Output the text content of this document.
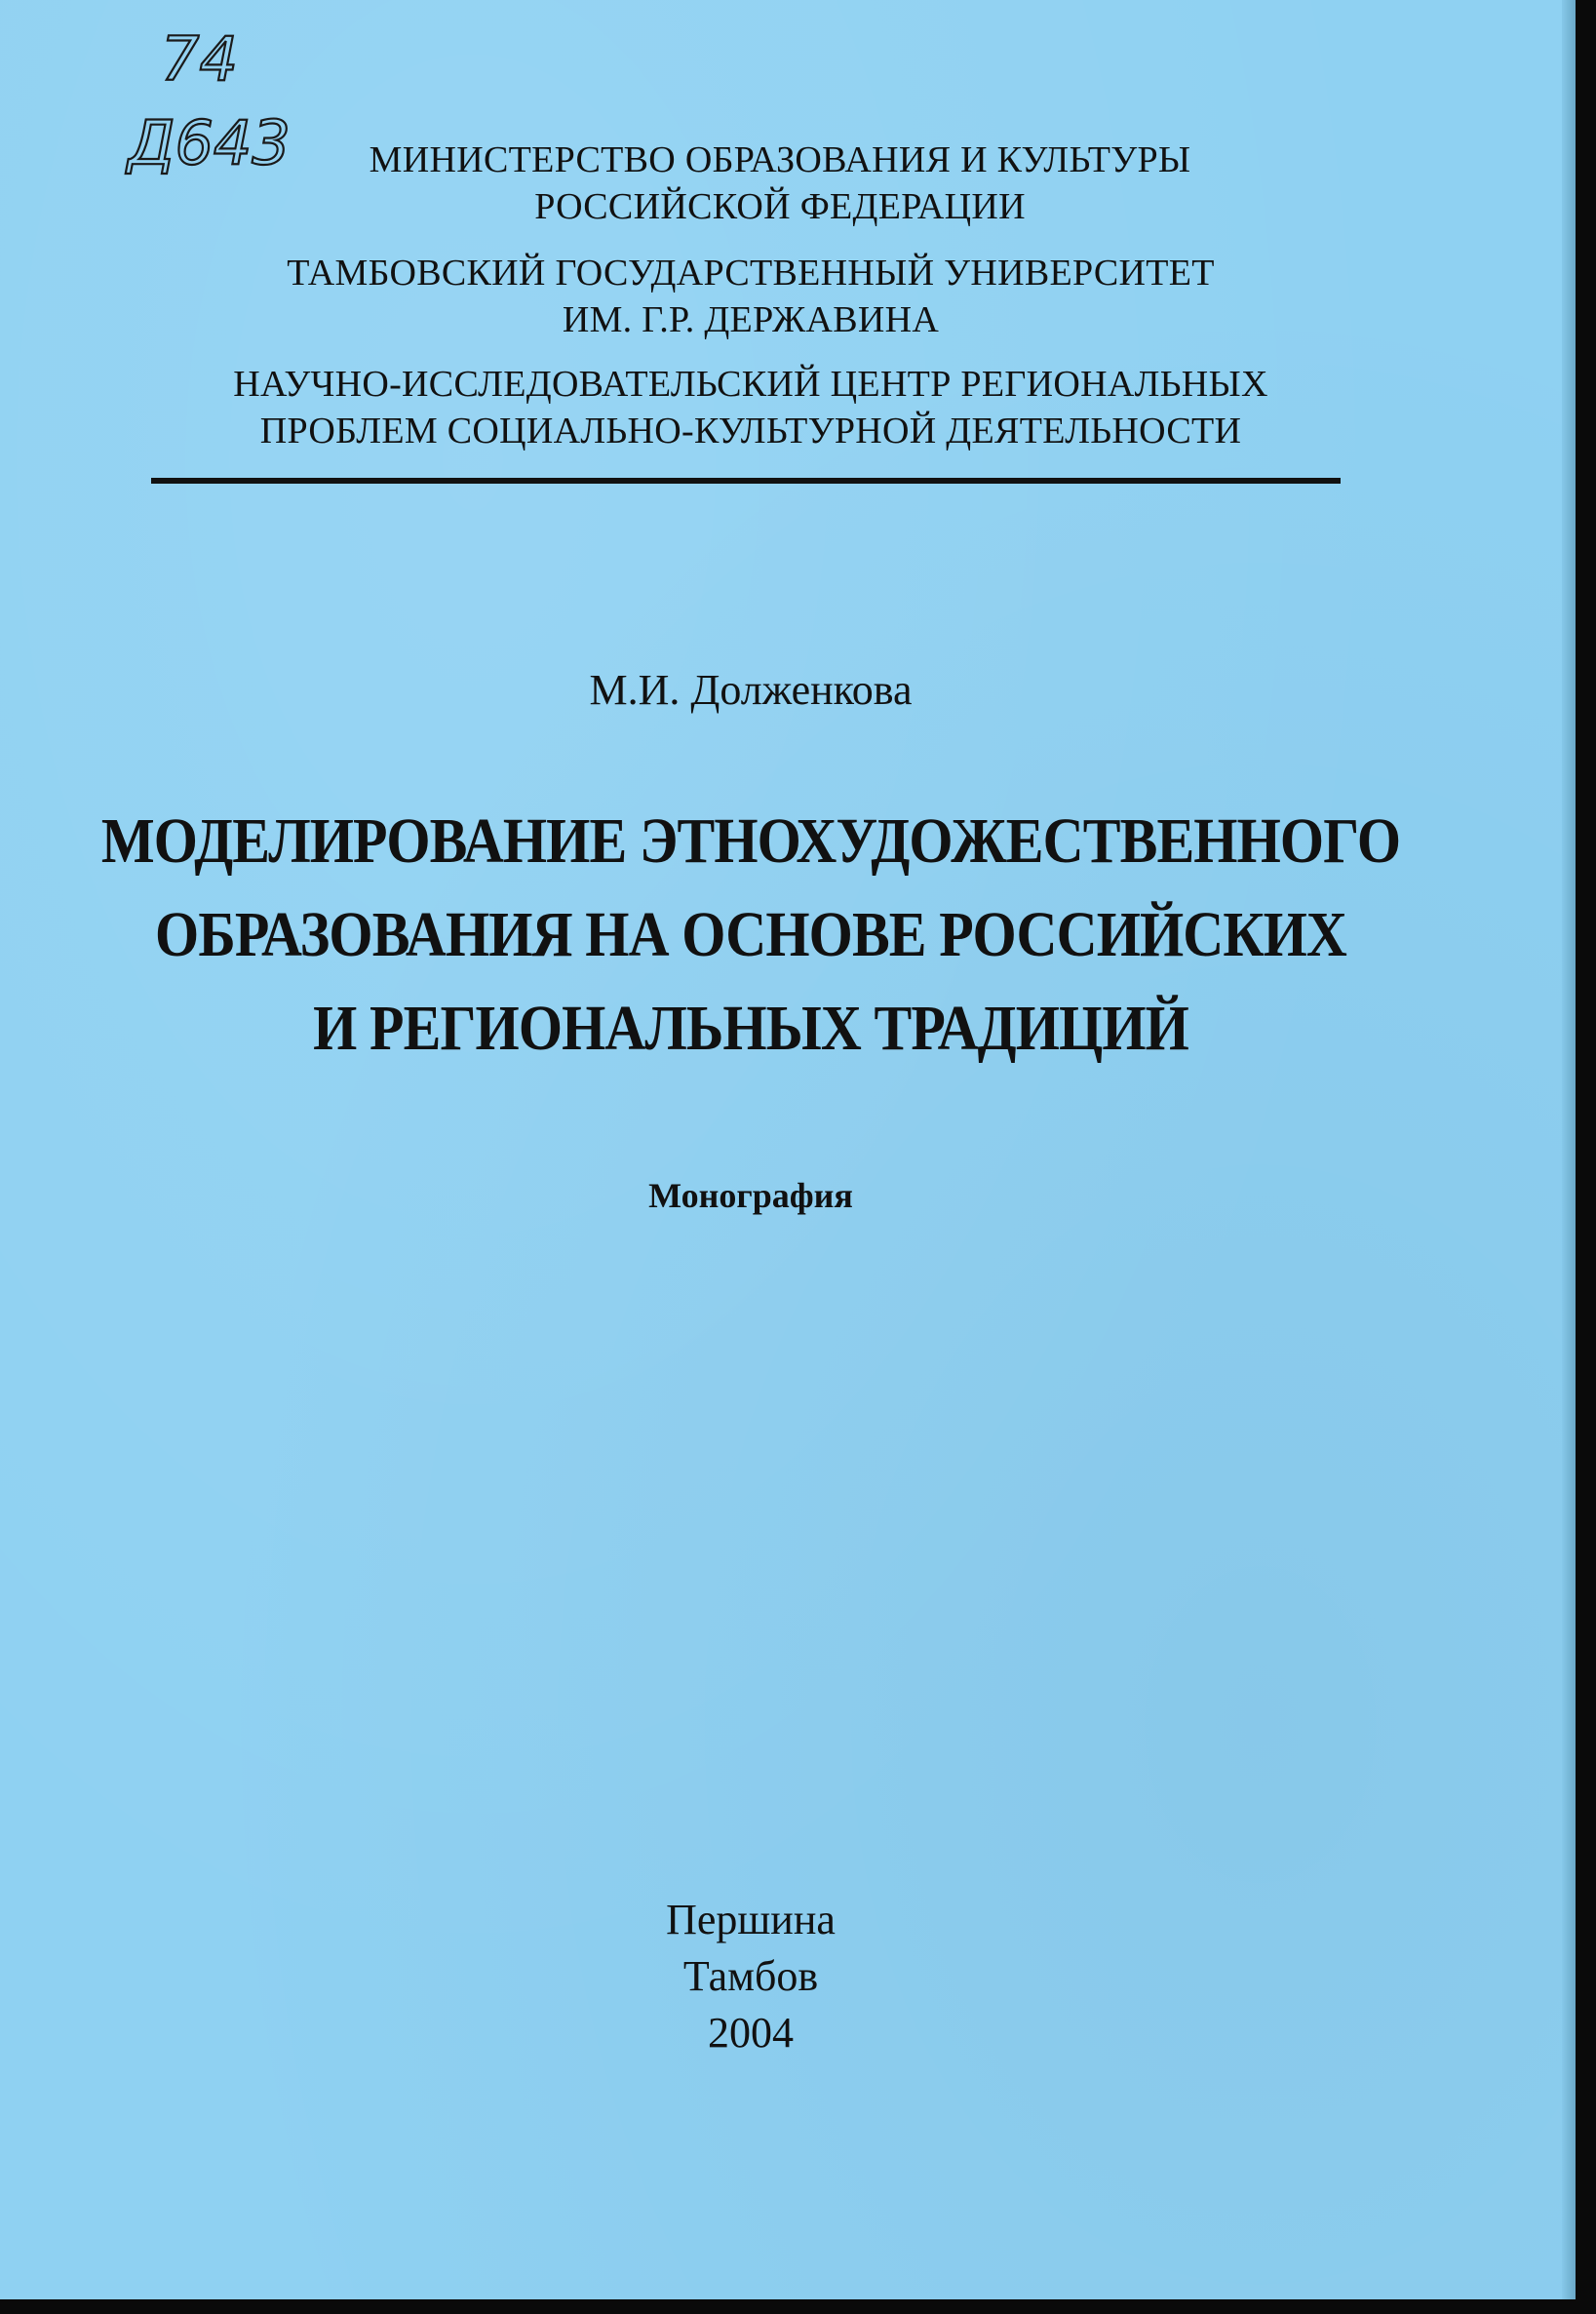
74
Д643	МИНИСТЕРСТВО ОБРАЗОВАНИЯ И КУЛЬТУРЫ
РОССИЙСКОЙ ФЕДЕРАЦИИ
ТАМБОВСКИЙ ГОСУДАРСТВЕННЫЙ УНИВЕРСИТЕТ
ИМ. Г.Р. ДЕРЖАВИНА
НАУЧНО-ИССЛЕДОВАТЕЛЬСКИЙ ЦЕНТР РЕГИОНАЛЬНЫХ
ПРОБЛЕМ СОЦИАЛЬНО-КУЛЬТУРНОЙ ДЕЯТЕЛЬНОСТИ
М.И. Долженкова
МОДЕЛИРОВАНИЕ ЭТНОХУДОЖЕСТВЕННОГО
ОБРАЗОВАНИЯ НА ОСНОВЕ РОССИЙСКИХ
И РЕГИОНАЛЬНЫХ ТРАДИЦИЙ
Монография
Першина
Тамбов
2004
